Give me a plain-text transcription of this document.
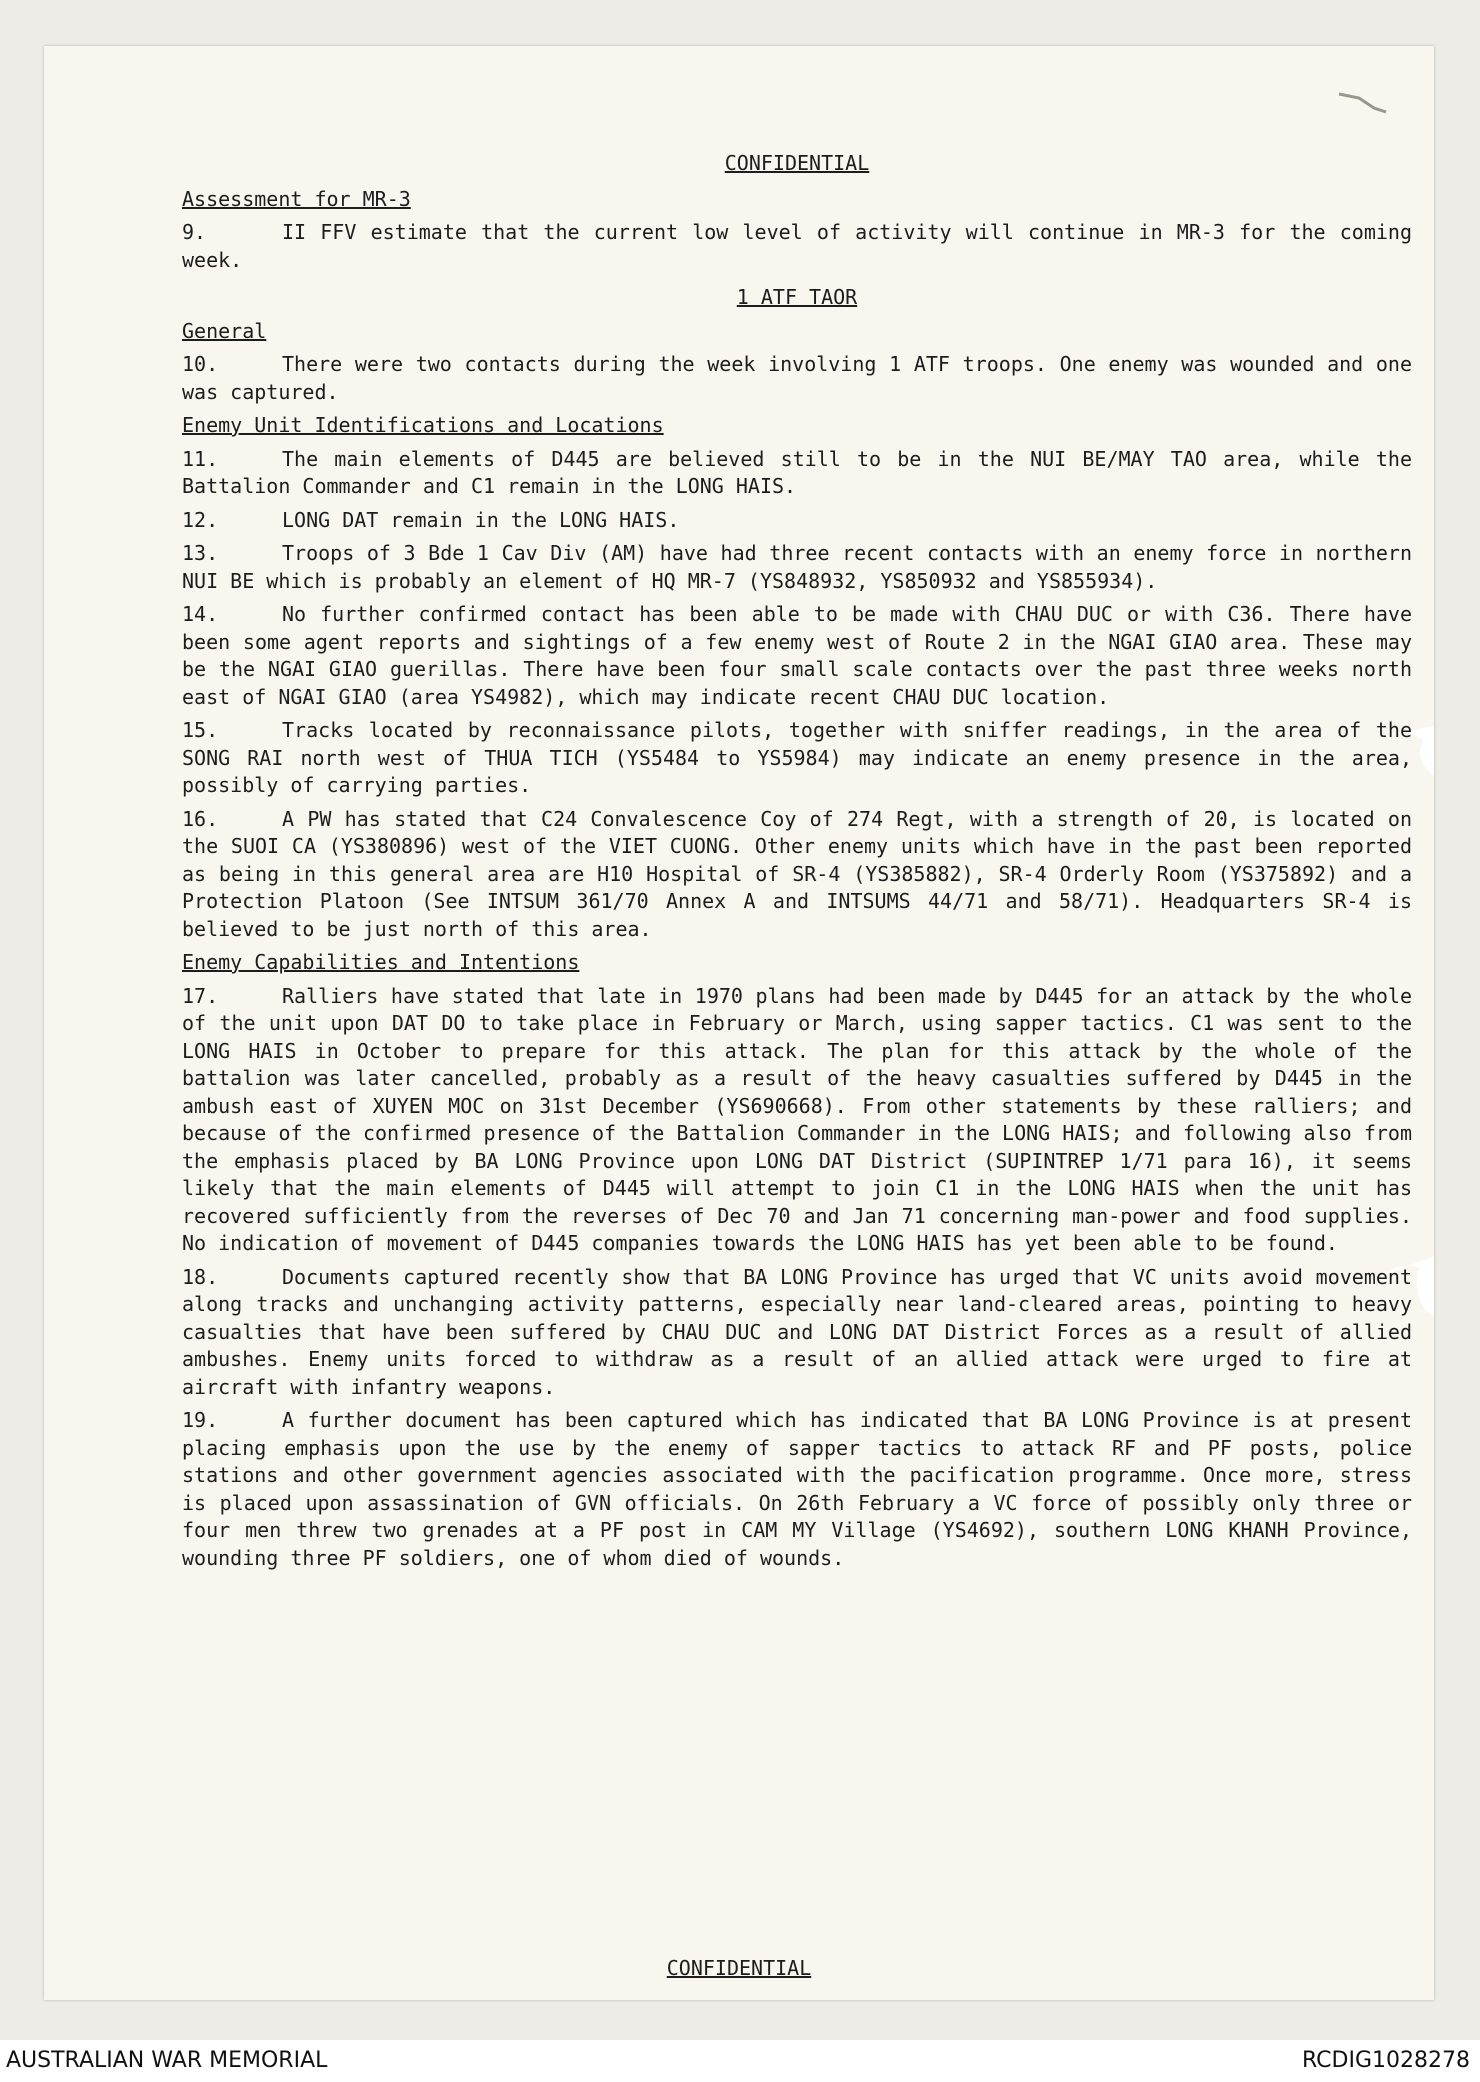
CONFIDENTIAL
Assessment for MR-3
9.	II FFV estimate that the current low level of activity will continue in MR-3 for the coming week.
1 ATF TAOR
General
10.	There were two contacts during the week involving 1 ATF troops. One enemy was wounded and one was captured.
Enemy Unit Identifications and Locations
11.	The main elements of D445 are believed still to be in the NUI BE/MAY TAO area, while the Battalion Commander and C1 remain in the LONG HAIS.
12.	LONG DAT remain in the LONG HAIS.
13.	Troops of 3 Bde 1 Cav Div (AM) have had three recent contacts with an enemy force in northern NUI BE which is probably an element of HQ MR-7 (YS848932, YS850932 and YS855934).
14.	No further confirmed contact has been able to be made with CHAU DUC or with C36. There have been some agent reports and sightings of a few enemy west of Route 2 in the NGAI GIAO area. These may be the NGAI GIAO guerillas. There have been four small scale contacts over the past three weeks north east of NGAI GIAO (area YS4982), which may indicate recent CHAU DUC location.
15.	Tracks located by reconnaissance pilots, together with sniffer readings, in the area of the SONG RAI north west of THUA TICH (YS5484 to YS5984) may indicate an enemy presence in the area, possibly of carrying parties.
16.	A PW has stated that C24 Convalescence Coy of 274 Regt, with a strength of 20, is located on the SUOI CA (YS380896) west of the VIET CUONG. Other enemy units which have in the past been reported as being in this general area are H10 Hospital of SR-4 (YS385882), SR-4 Orderly Room (YS375892) and a Protection Platoon (See INTSUM 361/70 Annex A and INTSUMS 44/71 and 58/71). Headquarters SR-4 is believed to be just north of this area.
Enemy Capabilities and Intentions
17.	Ralliers have stated that late in 1970 plans had been made by D445 for an attack by the whole of the unit upon DAT DO to take place in February or March, using sapper tactics. C1 was sent to the LONG HAIS in October to prepare for this attack. The plan for this attack by the whole of the battalion was later cancelled, probably as a result of the heavy casualties suffered by D445 in the ambush east of XUYEN MOC on 31st December (YS690668). From other statements by these ralliers; and because of the confirmed presence of the Battalion Commander in the LONG HAIS; and following also from the emphasis placed by BA LONG Province upon LONG DAT District (SUPINTREP 1/71 para 16), it seems likely that the main elements of D445 will attempt to join C1 in the LONG HAIS when the unit has recovered sufficiently from the reverses of Dec 70 and Jan 71 concerning man-power and food supplies. No indication of movement of D445 companies towards the LONG HAIS has yet been able to be found.
18.	Documents captured recently show that BA LONG Province has urged that VC units avoid movement along tracks and unchanging activity patterns, especially near land-cleared areas, pointing to heavy casualties that have been suffered by CHAU DUC and LONG DAT District Forces as a result of allied ambushes. Enemy units forced to withdraw as a result of an allied attack were urged to fire at aircraft with infantry weapons.
19.	A further document has been captured which has indicated that BA LONG Province is at present placing emphasis upon the use by the enemy of sapper tactics to attack RF and PF posts, police stations and other government agencies associated with the pacification programme. Once more, stress is placed upon assassination of GVN officials. On 26th February a VC force of possibly only three or four men threw two grenades at a PF post in CAM MY Village (YS4692), southern LONG KHANH Province, wounding three PF soldiers, one of whom died of wounds.
CONFIDENTIAL
AUSTRALIAN WAR MEMORIAL	RCDIG1028278
